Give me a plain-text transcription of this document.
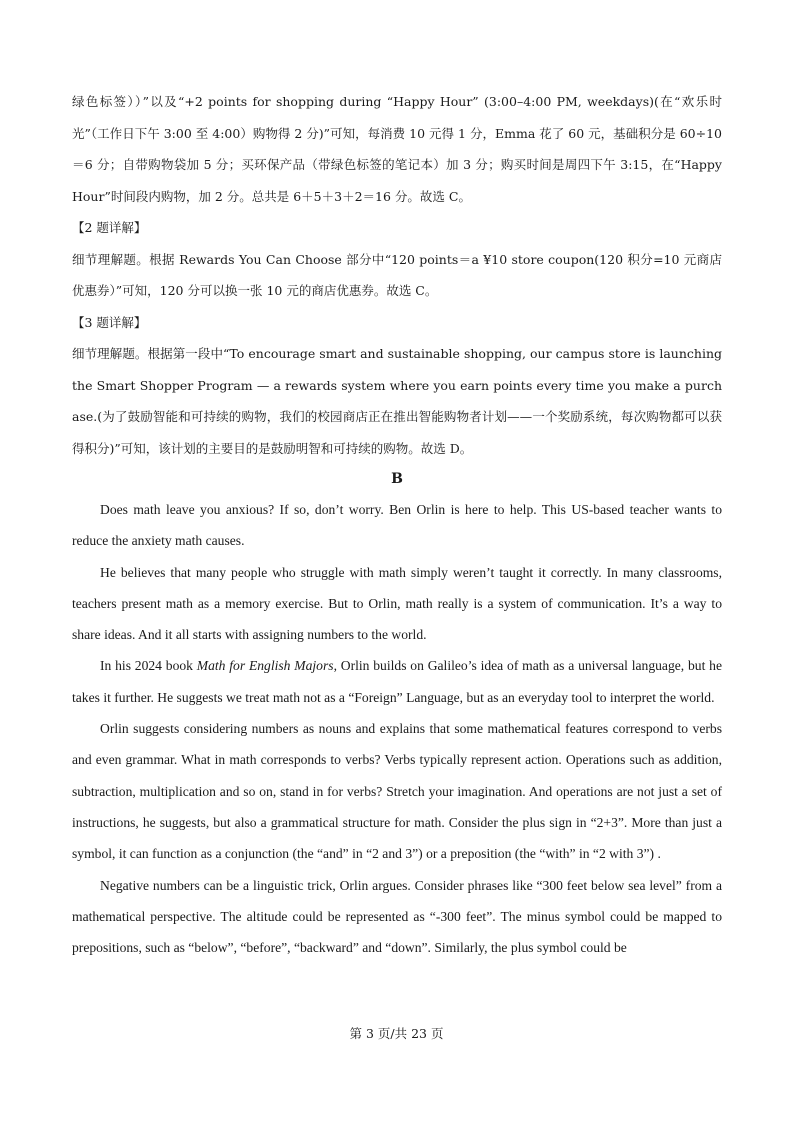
绿色标签））”以及“+2 points for shopping during “Happy Hour” (3:00–4:00 PM, weekdays)(在“欢乐时光”（工作日下午 3:00 至 4:00）购物得 2 分)”可知，每消费 10 元得 1 分，Emma 花了 60 元，基础积分是 60÷10＝6 分；自带购物袋加 5 分；买环保产品（带绿色标签的笔记本）加 3 分；购买时间是周四下午 3:15，在“Happy Hour”时间段内购物，加 2 分。总共是 6＋5＋3＋2＝16 分。故选 C。

【2 题详解】

细节理解题。根据 Rewards You Can Choose 部分中“120 points＝a ¥10 store coupon(120 积分=10 元商店优惠券）”可知，120 分可以换一张 10 元的商店优惠券。故选 C。

【3 题详解】

细节理解题。根据第一段中“To encourage smart and sustainable shopping, our campus store is launching the Smart Shopper Program — a rewards system where you earn points every time you make a purchase.(为了鼓励智能和可持续的购物，我们的校园商店正在推出智能购物者计划——一个奖励系统，每次购物都可以获得积分)”可知，该计划的主要目的是鼓励明智和可持续的购物。故选 D。

B

Does math leave you anxious? If so, don’t worry. Ben Orlin is here to help. This US-based teacher wants to reduce the anxiety math causes.

He believes that many people who struggle with math simply weren’t taught it correctly. In many classrooms, teachers present math as a memory exercise. But to Orlin, math really is a system of communication. It’s a way to share ideas. And it all starts with assigning numbers to the world.

In his 2024 book Math for English Majors, Orlin builds on Galileo’s idea of math as a universal language, but he takes it further. He suggests we treat math not as a “Foreign” Language, but as an everyday tool to interpret the world.

Orlin suggests considering numbers as nouns and explains that some mathematical features correspond to verbs and even grammar. What in math corresponds to verbs? Verbs typically represent action. Operations such as addition, subtraction, multiplication and so on, stand in for verbs? Stretch your imagination. And operations are not just a set of instructions, he suggests, but also a grammatical structure for math. Consider the plus sign in “2+3”. More than just a symbol, it can function as a conjunction (the “and” in “2 and 3”) or a preposition (the “with” in “2 with 3”) .

Negative numbers can be a linguistic trick, Orlin argues. Consider phrases like “300 feet below sea level” from a mathematical perspective. The altitude could be represented as “-300 feet”. The minus symbol could be mapped to prepositions, such as “below”, “before”, “backward” and “down”. Similarly, the plus symbol could be

第 3 页/共 23 页
